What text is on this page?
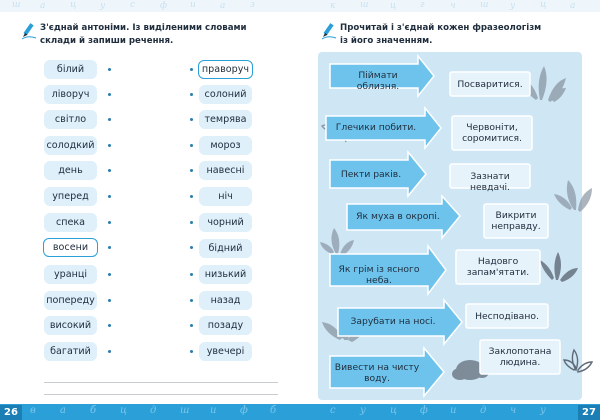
ш а	ц	у	с	ф	и	а	з	к	ш ц	г	ч	ш у	ц	а
З'єднай антоніми. Із виділеними словами
склади й запиши речення.
білий
ліворуч
світло
солодкий
день
уперед
спека
восени
уранці
попереду
високий
багатий
праворуч
солоний
темрява
мороз
навесні
ніч
чорний
бідний
низький
назад
позаду
увечері
Прочитай і з'єднай кожен фразеологізм
із його значенням.
Піймати облизня.
Глечики побити.
Пекти раків.
Як муха в окропі.
Як грім із ясного неба.
Зарубати на носі.
Вивести на чисту воду.
Посваритися.
Червоніти, соромитися.
Зазнати невдачі.
Викрити неправду.
Надовго запам'ятати.
Несподівано.
Заклопотана людина.
в а б ц д ш и ф б	с у ц ф и д ч у
26	27
